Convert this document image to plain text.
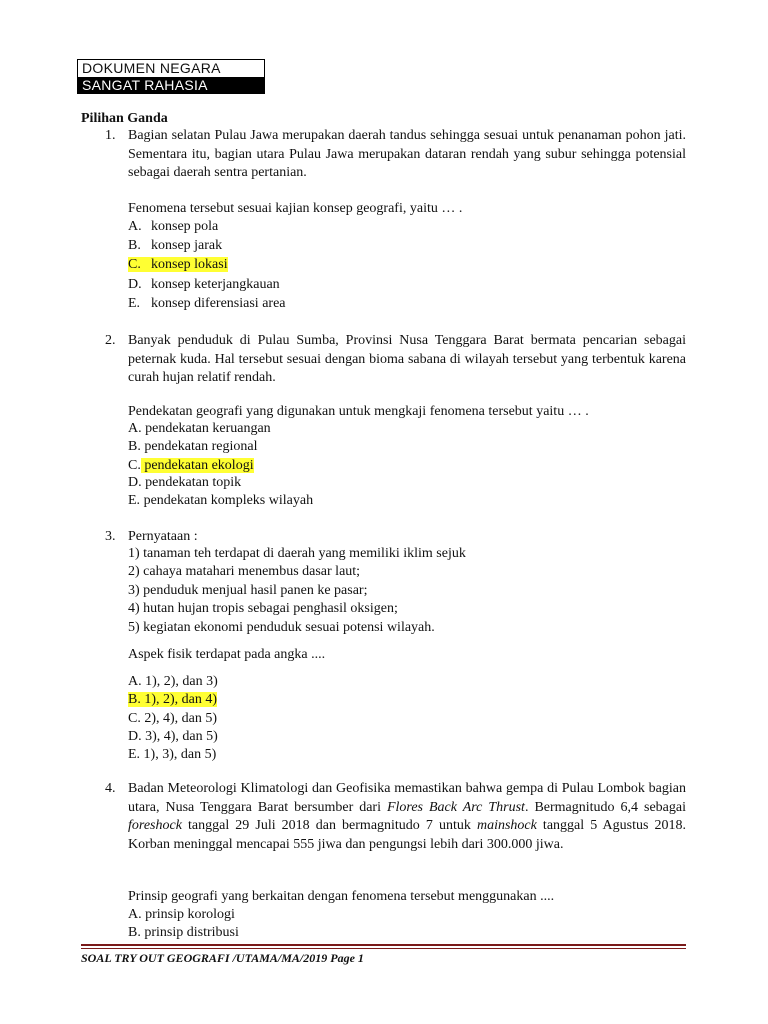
DOKUMEN NEGARA
SANGAT RAHASIA
Pilihan Ganda
1. Bagian selatan Pulau Jawa merupakan daerah tandus sehingga sesuai untuk penanaman pohon jati. Sementara itu, bagian utara Pulau Jawa merupakan dataran rendah yang subur sehingga potensial sebagai daerah sentra pertanian.
Fenomena tersebut sesuai kajian konsep geografi, yaitu … .
A. konsep pola
B. konsep jarak
C. konsep lokasi
D. konsep keterjangkauan
E. konsep diferensiasi area
2. Banyak penduduk di Pulau Sumba, Provinsi Nusa Tenggara Barat bermata pencarian sebagai peternak kuda. Hal tersebut sesuai dengan bioma sabana di wilayah tersebut yang terbentuk karena curah hujan relatif rendah.
Pendekatan geografi yang digunakan untuk mengkaji fenomena tersebut yaitu … .
A. pendekatan keruangan
B. pendekatan regional
C. pendekatan ekologi
D. pendekatan topik
E. pendekatan kompleks wilayah
3. Pernyataan :
1) tanaman teh terdapat di daerah yang memiliki iklim sejuk
2) cahaya matahari menembus dasar laut;
3) penduduk menjual hasil panen ke pasar;
4) hutan hujan tropis sebagai penghasil oksigen;
5) kegiatan ekonomi penduduk sesuai potensi wilayah.
Aspek fisik terdapat pada angka ....
A. 1), 2), dan 3)
B. 1), 2), dan 4)
C. 2), 4), dan 5)
D. 3), 4), dan 5)
E. 1), 3), dan 5)
4. Badan Meteorologi Klimatologi dan Geofisika memastikan bahwa gempa di Pulau Lombok bagian utara, Nusa Tenggara Barat bersumber dari Flores Back Arc Thrust. Bermagnitudo 6,4 sebagai foreshock tanggal 29 Juli 2018 dan bermagnitudo 7 untuk mainshock tanggal 5 Agustus 2018. Korban meninggal mencapai 555 jiwa dan pengungsi lebih dari 300.000 jiwa.
Prinsip geografi yang berkaitan dengan fenomena tersebut menggunakan ....
A. prinsip korologi
B. prinsip distribusi
SOAL TRY OUT GEOGRAFI /UTAMA/MA/2019 Page 1
